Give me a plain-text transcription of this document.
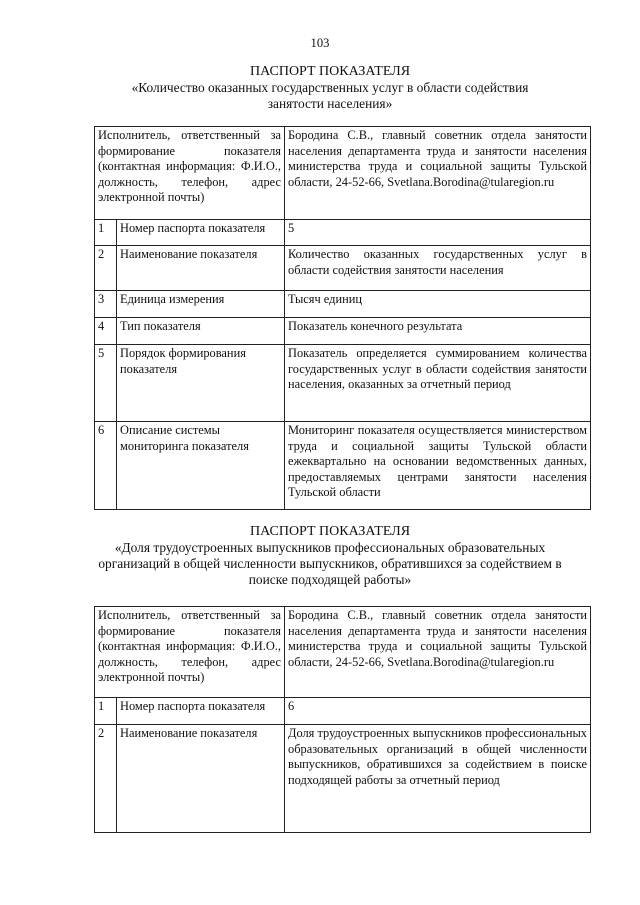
103
ПАСПОРТ ПОКАЗАТЕЛЯ
«Количество оказанных государственных услуг в области содействия занятости населения»
Исполнитель, ответственный за формирование показателя (контактная информация: Ф.И.О., должность, телефон, адрес электронной почты)		Бородина С.В., главный советник отдела занятости населения департамента труда и занятости населения министерства труда и социальной защиты Тульской области, 24-52-66, Svetlana.Borodina@tularegion.ru
1	Номер паспорта показателя	5
2	Наименование показателя	Количество оказанных государственных услуг в области содействия занятости населения
3	Единица измерения	Тысяч единиц
4	Тип показателя	Показатель конечного результата
5	Порядок формирования показателя	Показатель определяется суммированием количества государственных услуг в области содействия занятости населения, оказанных за отчетный период
6	Описание системы мониторинга показателя	Мониторинг показателя осуществляется министерством труда и социальной защиты Тульской области ежеквартально на основании ведомственных данных, предоставляемых центрами занятости населения Тульской области
ПАСПОРТ ПОКАЗАТЕЛЯ
«Доля трудоустроенных выпускников профессиональных образовательных организаций в общей численности выпускников, обратившихся за содействием в поиске подходящей работы»
Исполнитель, ответственный за формирование показателя (контактная информация: Ф.И.О., должность, телефон, адрес электронной почты)		Бородина С.В., главный советник отдела занятости населения департамента труда и занятости населения министерства труда и социальной защиты Тульской области, 24-52-66, Svetlana.Borodina@tularegion.ru
1	Номер паспорта показателя	6
2	Наименование показателя	Доля трудоустроенных выпускников профессиональных образовательных организаций в общей численности выпускников, обратившихся за содействием в поиске подходящей работы за отчетный период
